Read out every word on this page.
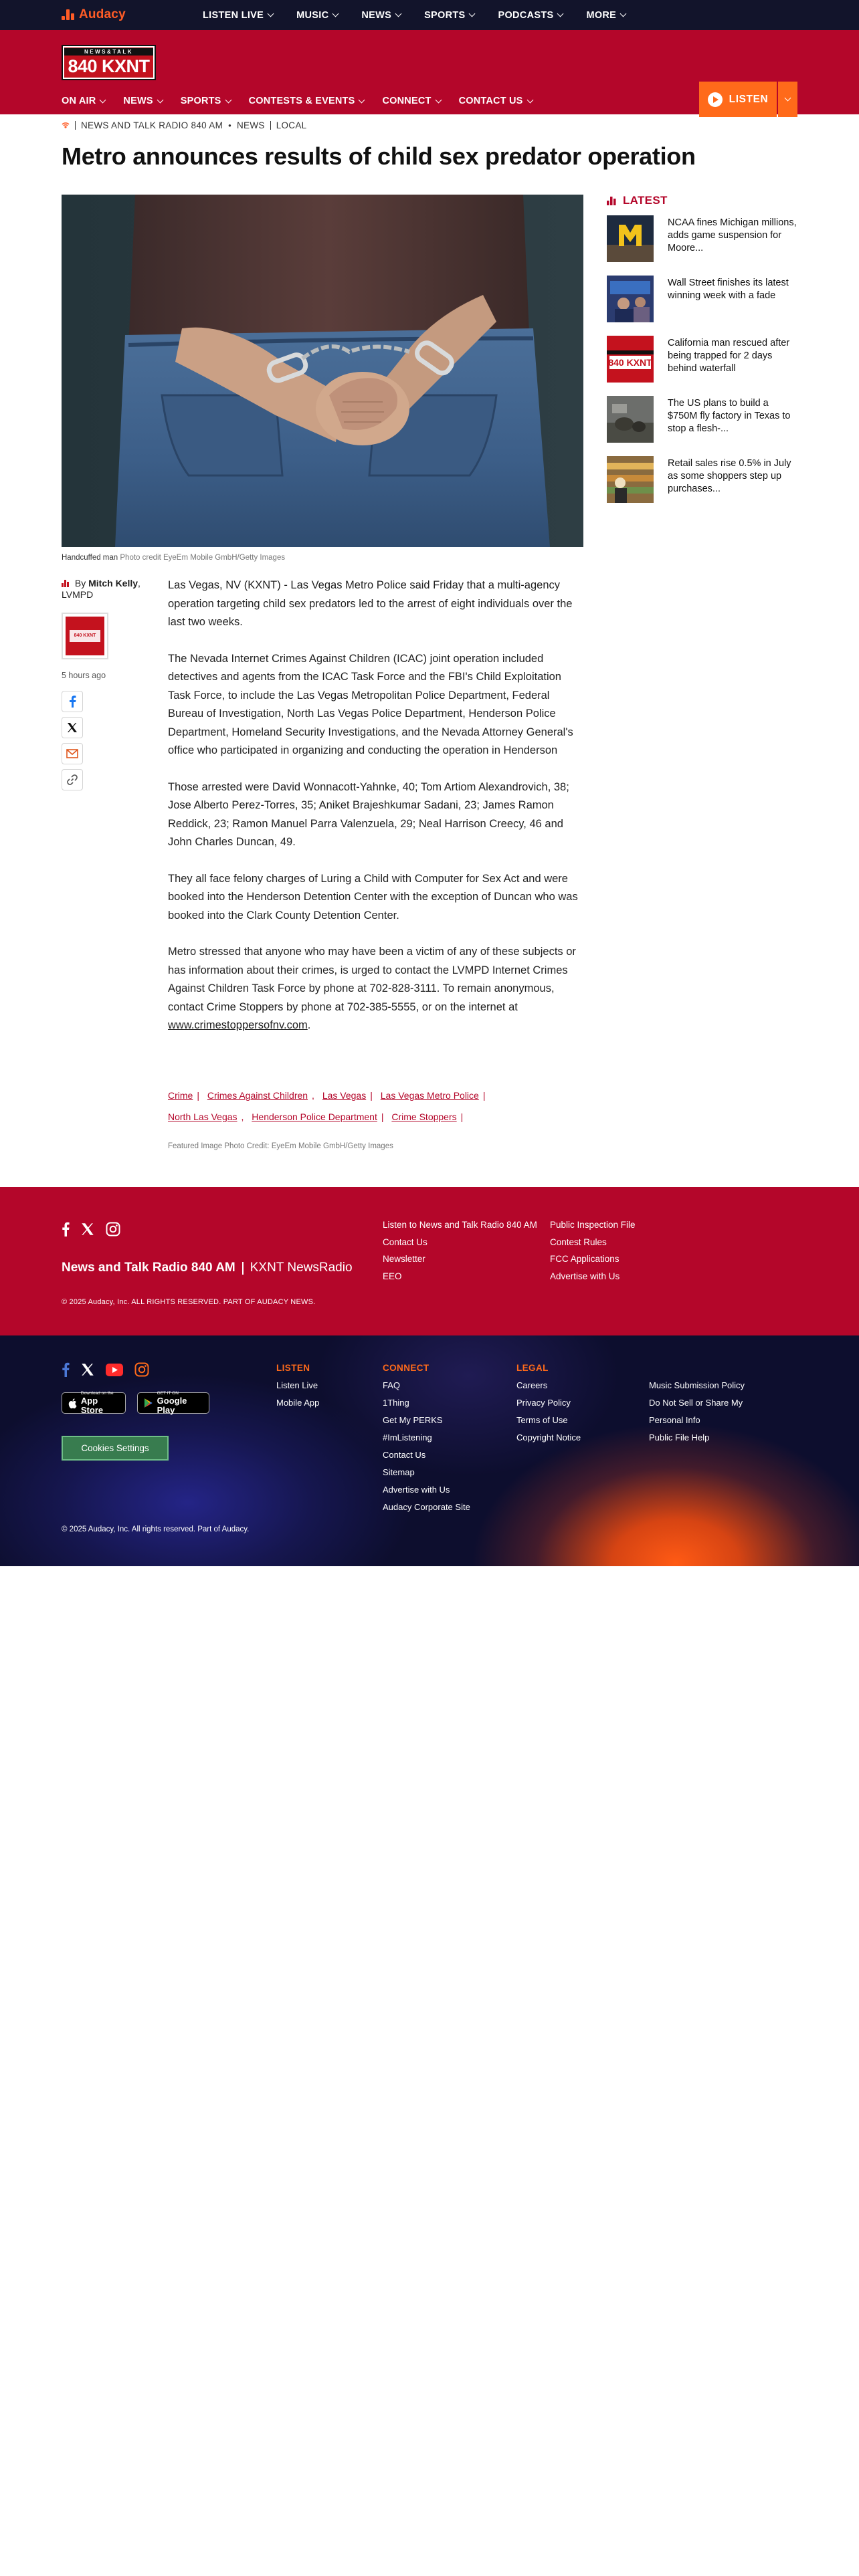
Audacy	LISTEN LIVE	MUSIC	NEWS	SPORTS	PODCASTS	MORE
NEWS&TALK
840 KXNT
ON AIR	NEWS	SPORTS	CONTESTS & EVENTS	CONNECT	CONTACT US	LISTEN
NEWS AND TALK RADIO 840 AM • NEWS LOCAL
Metro announces results of child sex predator operation
Handcuffed man Photo credit EyeEm Mobile GmbH/Getty Images
By Mitch Kelly,
LVMPD
840 KXNT
5 hours ago

Las Vegas, NV (KXNT) - Las Vegas Metro Police said Friday that a multi-agency operation targeting child sex predators led to the arrest of eight individuals over the last two weeks.

The Nevada Internet Crimes Against Children (ICAC) joint operation included detectives and agents from the ICAC Task Force and the FBI's Child Exploitation Task Force, to include the Las Vegas Metropolitan Police Department, Federal Bureau of Investigation, North Las Vegas Police Department, Henderson Police Department, Homeland Security Investigations, and the Nevada Attorney General's office who participated in organizing and conducting the operation in Henderson

Those arrested were David Wonnacott-Yahnke, 40; Tom Artiom Alexandrovich, 38; Jose Alberto Perez-Torres, 35; Aniket Brajeshkumar Sadani, 23; James Ramon Reddick, 23; Ramon Manuel Parra Valenzuela, 29; Neal Harrison Creecy, 46 and John Charles Duncan, 49.

They all face felony charges of Luring a Child with Computer for Sex Act and were booked into the Henderson Detention Center with the exception of Duncan who was booked into the Clark County Detention Center.

Metro stressed that anyone who may have been a victim of any of these subjects or has information about their crimes, is urged to contact the LVMPD Internet Crimes Against Children Task Force by phone at 702-828-3111. To remain anonymous, contact Crime Stoppers by phone at 702-385-5555, or on the internet at www.crimestoppersofnv.com.

Crime | Crimes Against Children , Las Vegas | Las Vegas Metro Police |
North Las Vegas , Henderson Police Department | Crime Stoppers |
Featured Image Photo Credit: EyeEm Mobile GmbH/Getty Images
LATEST
NCAA fines Michigan millions, adds game suspension for Moore...
Wall Street finishes its latest winning week with a fade
840 KXNT
California man rescued after being trapped for 2 days behind waterfall
The US plans to build a $750M fly factory in Texas to stop a flesh-...
Retail sales rise 0.5% in July as some shoppers step up purchases...
News and Talk Radio 840 AM KXNT NewsRadio
Listen to News and Talk Radio 840 AM
Contact Us
Newsletter
EEO
Public Inspection File
Contest Rules
FCC Applications
Advertise with Us
© 2025 Audacy, Inc. ALL RIGHTS RESERVED. PART OF AUDACY NEWS.
Download on the
App Store
GET IT ON
Google Play
Cookies Settings
LISTEN
Listen Live
Mobile App
CONNECT
FAQ
1Thing
Get My PERKS
#ImListening
Contact Us
Sitemap
Advertise with Us
Audacy Corporate Site
LEGAL
Careers
Privacy Policy
Terms of Use
Copyright Notice
Music Submission Policy
Do Not Sell or Share My Personal Info
Public File Help
© 2025 Audacy, Inc. All rights reserved. Part of Audacy.
